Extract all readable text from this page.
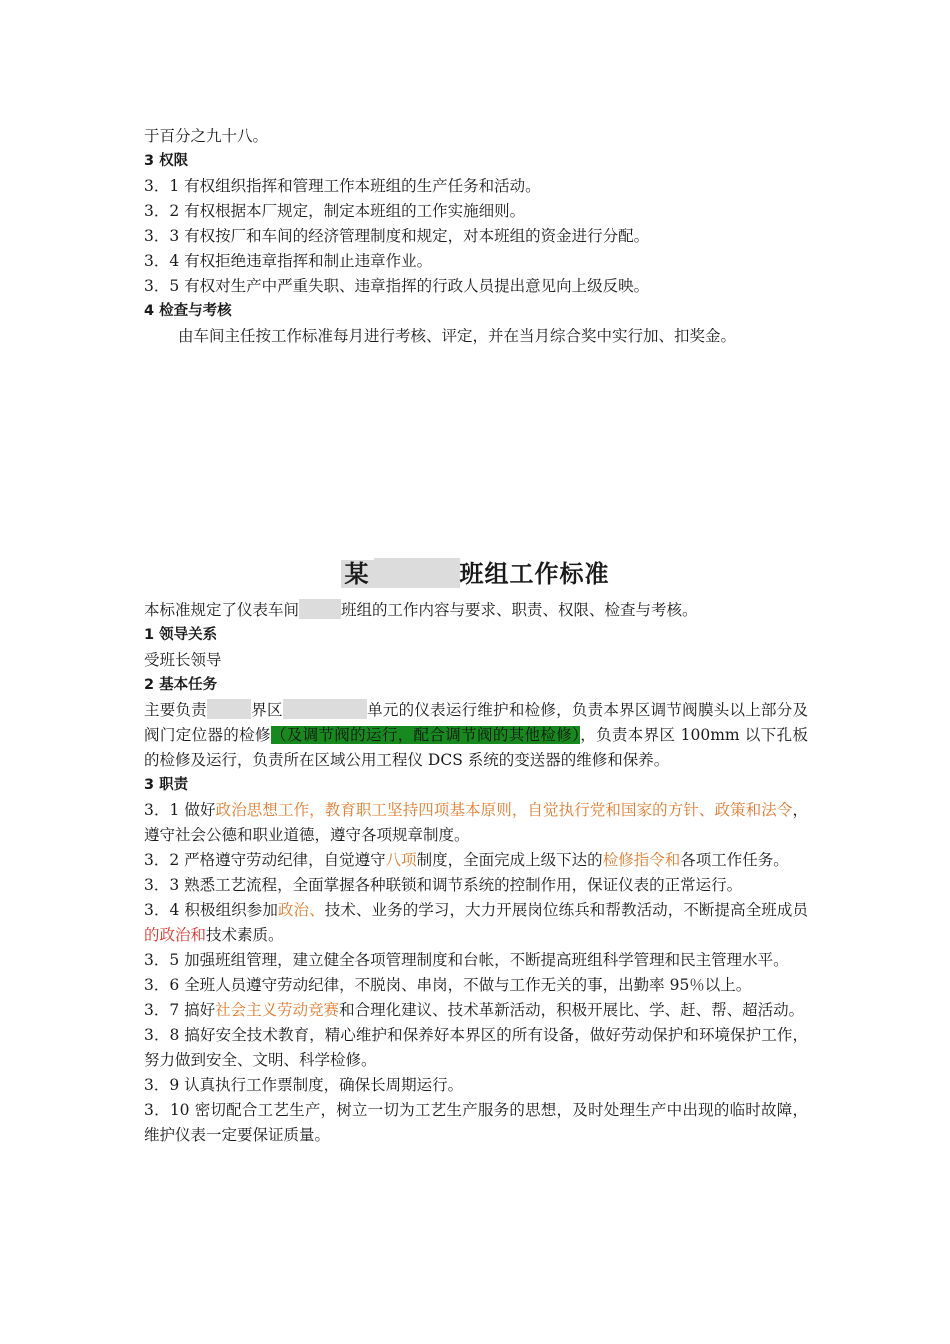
于百分之九十八。

3 权限

3．1 有权组织指挥和管理工作本班组的生产任务和活动。

3．2 有权根据本厂规定，制定本班组的工作实施细则。

3．3 有权按厂和车间的经济管理制度和规定，对本班组的资金进行分配。

3．4 有权拒绝违章指挥和制止违章作业。

3．5 有权对生产中严重失职、违章指挥的行政人员提出意见向上级反映。

4 检查与考核

由车间主任按工作标准每月进行考核、评定，并在当月综合奖中实行加、扣奖金。

某	班组工作标准

本标准规定了仪表车间	班组的工作内容与要求、职责、权限、检查与考核。

1 领导关系

受班长领导

2 基本任务

主要负责	界区	单元的仪表运行维护和检修，负责本界区调节阀膜头以上部分及阀门定位器的检修（及调节阀的运行，配合调节阀的其他检修），负责本界区 100mm 以下孔板的检修及运行，负责所在区域公用工程仪 DCS 系统的变送器的维修和保养。

3 职责

3．1 做好政治思想工作，教育职工坚持四项基本原则，自觉执行党和国家的方针、政策和法令，遵守社会公德和职业道德，遵守各项规章制度。

3．2 严格遵守劳动纪律，自觉遵守八项制度，全面完成上级下达的检修指令和各项工作任务。

3．3 熟悉工艺流程，全面掌握各种联锁和调节系统的控制作用，保证仪表的正常运行。

3．4 积极组织参加政治、技术、业务的学习，大力开展岗位练兵和帮教活动，不断提高全班成员的政治和技术素质。

3．5 加强班组管理，建立健全各项管理制度和台帐，不断提高班组科学管理和民主管理水平。

3．6 全班人员遵守劳动纪律，不脱岗、串岗，不做与工作无关的事，出勤率 95％以上。

3．7 搞好社会主义劳动竞赛和合理化建议、技术革新活动，积极开展比、学、赶、帮、超活动。

3．8 搞好安全技术教育，精心维护和保养好本界区的所有设备，做好劳动保护和环境保护工作，努力做到安全、文明、科学检修。

3．9 认真执行工作票制度，确保长周期运行。

3．10 密切配合工艺生产，树立一切为工艺生产服务的思想，及时处理生产中出现的临时故障，维护仪表一定要保证质量。
